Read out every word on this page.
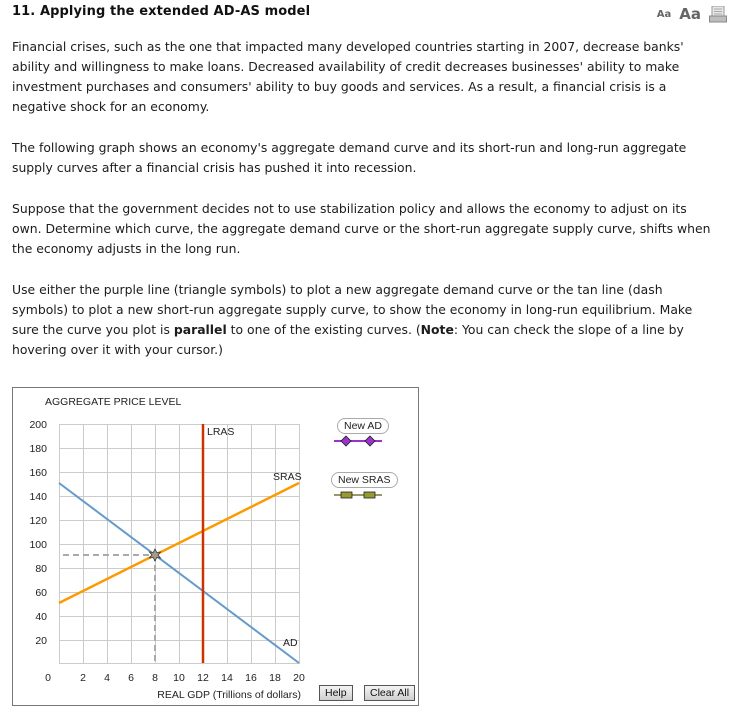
11. Applying the extended AD-AS model	Aa Aa

Financial crises, such as the one that impacted many developed countries starting in 2007, decrease banks' ability and willingness to make loans. Decreased availability of credit decreases businesses' ability to make investment purchases and consumers' ability to buy goods and services. As a result, a financial crisis is a negative shock for an economy.

The following graph shows an economy's aggregate demand curve and its short-run and long-run aggregate supply curves after a financial crisis has pushed it into recession.

Suppose that the government decides not to use stabilization policy and allows the economy to adjust on its own. Determine which curve, the aggregate demand curve or the short-run aggregate supply curve, shifts when the economy adjusts in the long run.

Use either the purple line (triangle symbols) to plot a new aggregate demand curve or the tan line (dash symbols) to plot a new short-run aggregate supply curve, to show the economy in long-run equilibrium. Make sure the curve you plot is parallel to one of the existing curves. (Note: You can check the slope of a line by hovering over it with your cursor.)

AGGREGATE PRICE LEVEL
200
180
160
140
120
100
80
60
40
20
0	2 4 6 8 10 12 14 16 18 20
REAL GDP (Trillions of dollars)
AD
SRAS
LRAS	New AD
New SRAS
Help	Clear All
